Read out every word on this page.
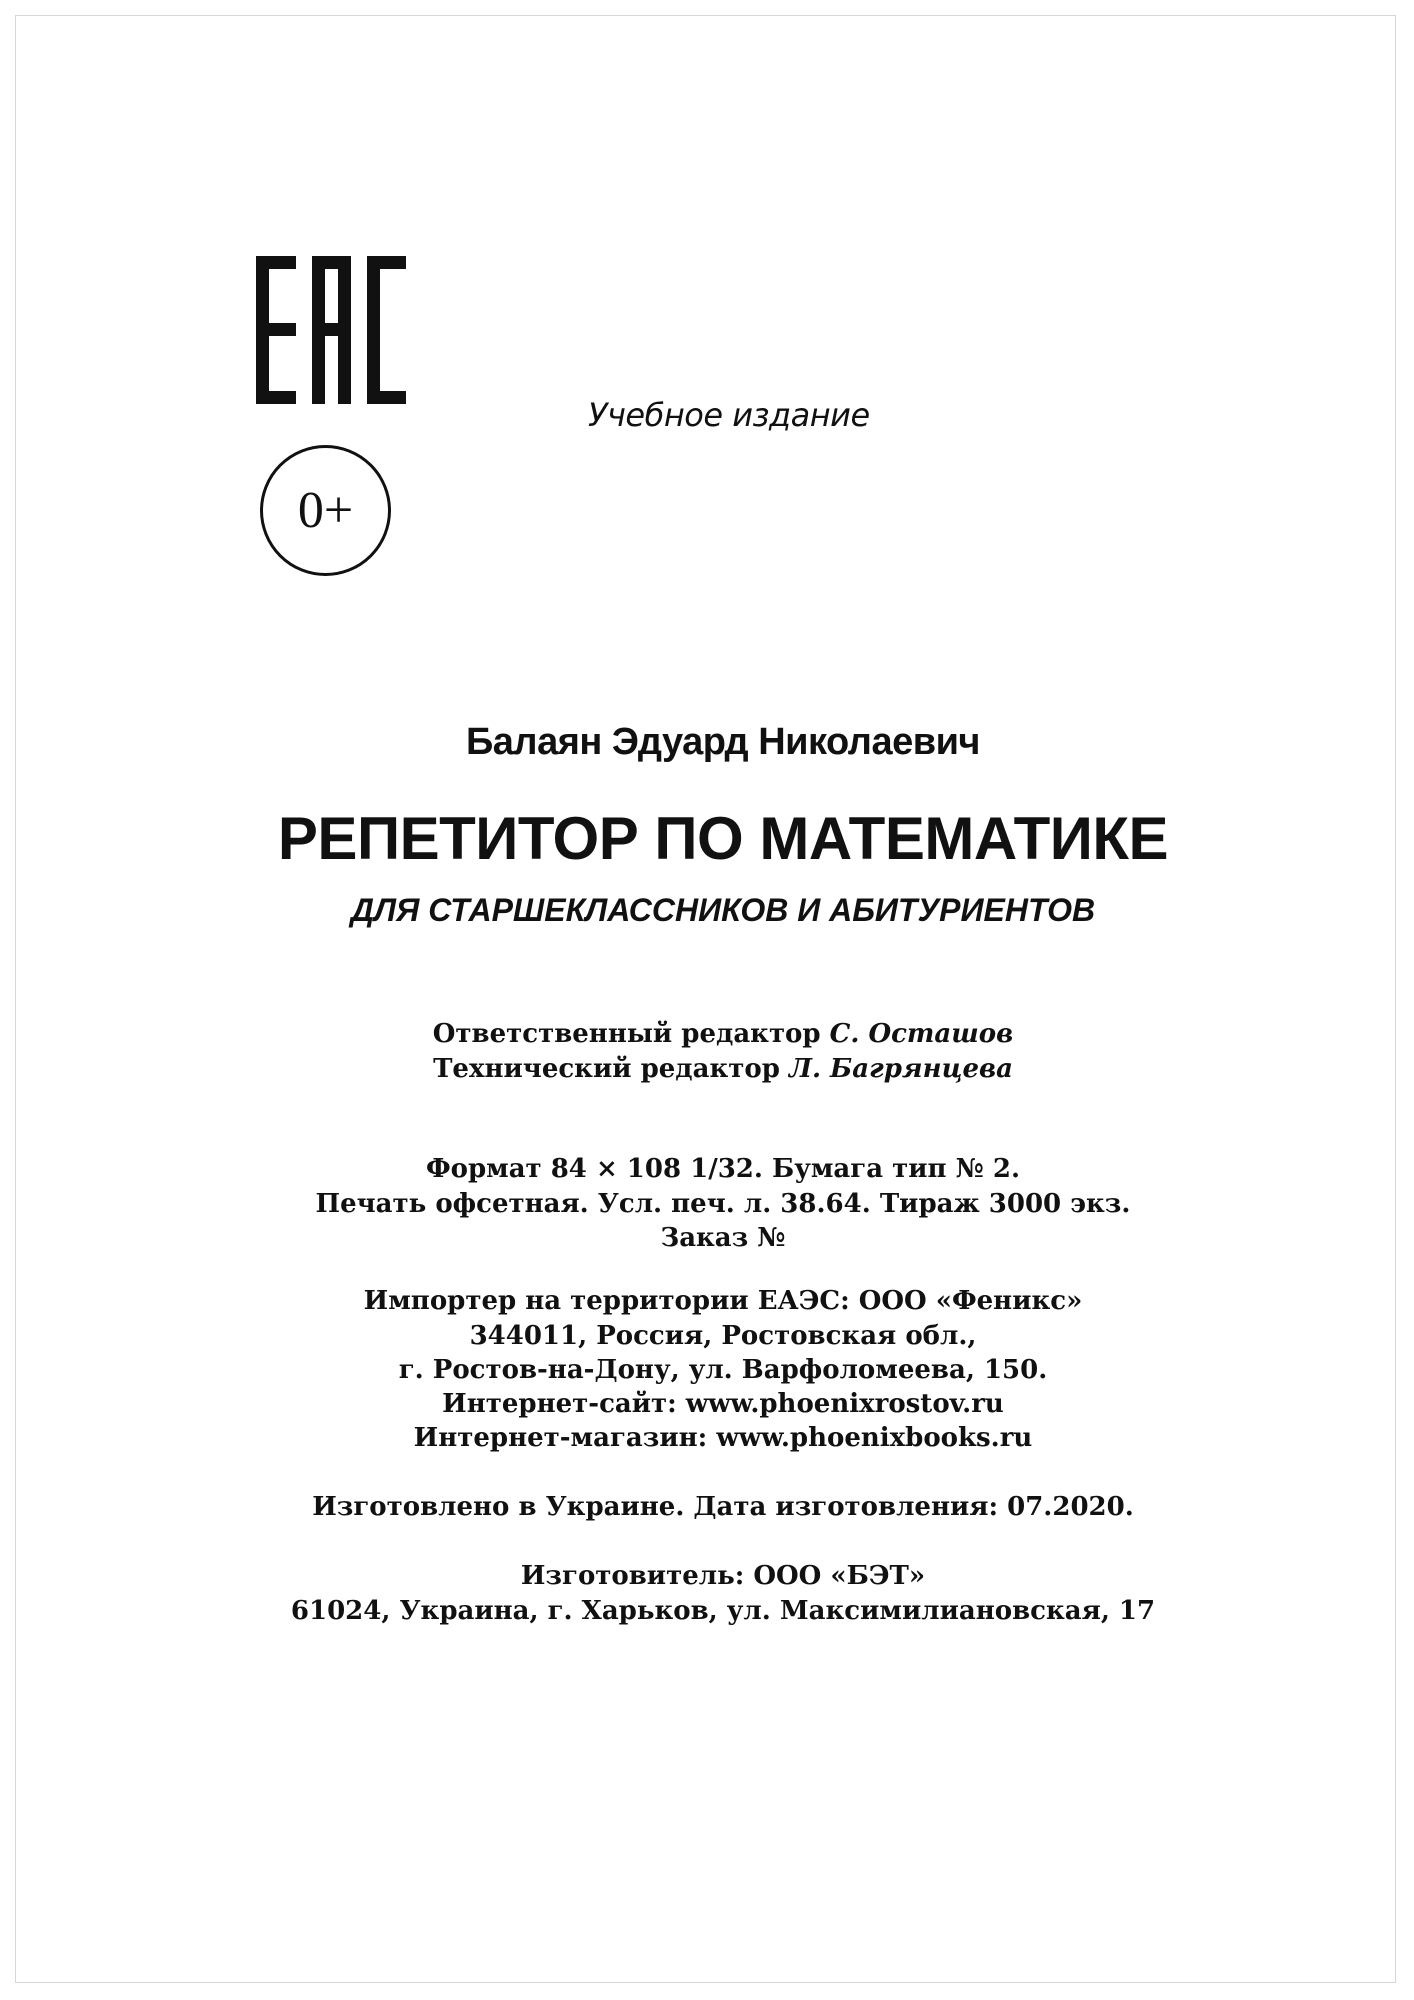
0+
Учебное издание
Балаян Эдуард Николаевич
РЕПЕТИТОР ПО МАТЕМАТИКЕ
ДЛЯ СТАРШЕКЛАССНИКОВ И АБИТУРИЕНТОВ
Ответственный редактор С. Осташов
Технический редактор Л. Багрянцева
Формат 84 × 108 1/32. Бумага тип № 2.
Печать офсетная. Усл. печ. л. 38.64. Тираж 3000 экз.
Заказ №
Импортер на территории ЕАЭС: ООО «Феникс»
344011, Россия, Ростовская обл.,
г. Ростов-на-Дону, ул. Варфоломеева, 150.
Интернет-сайт: www.phoenixrostov.ru
Интернет-магазин: www.phoenixbooks.ru
Изготовлено в Украине. Дата изготовления: 07.2020.
Изготовитель: ООО «БЭТ»
61024, Украина, г. Харьков, ул. Максимилиановская, 17
